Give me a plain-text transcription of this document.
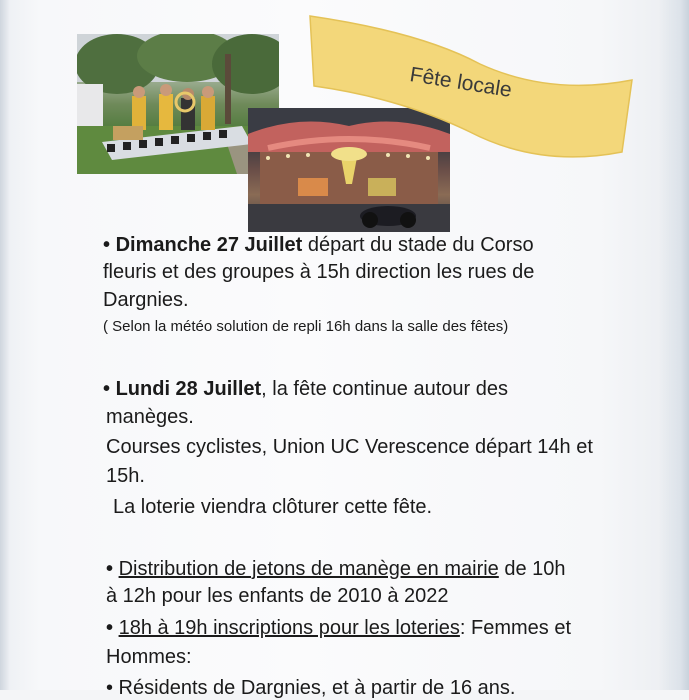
Fête locale
• Dimanche 27 Juillet départ du stade du Corso
fleuris et des groupes à 15h direction les rues de
Dargnies.
( Selon la météo solution de repli 16h dans la salle des fêtes)
• Lundi 28 Juillet, la fête continue autour des
manèges.
Courses cyclistes, Union UC Verescence départ 14h et
15h.
La loterie viendra clôturer cette fête.
• Distribution de jetons de manège en mairie de 10h
à 12h pour les enfants de 2010 à 2022
• 18h à 19h inscriptions pour les loteries: Femmes et
Hommes:
• Résidents de Dargnies, et à partir de 16 ans.
